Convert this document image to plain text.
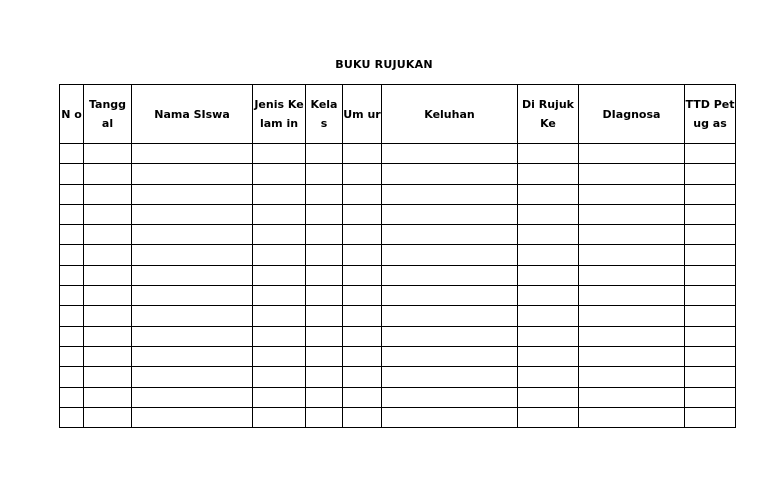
BUKU RUJUKAN
N o	Tangg al	Nama SIswa	Jenis Kelam in	Kela s	Um ur	Keluhan	Di Rujuk Ke	DIagnosa	TTD Petug as
